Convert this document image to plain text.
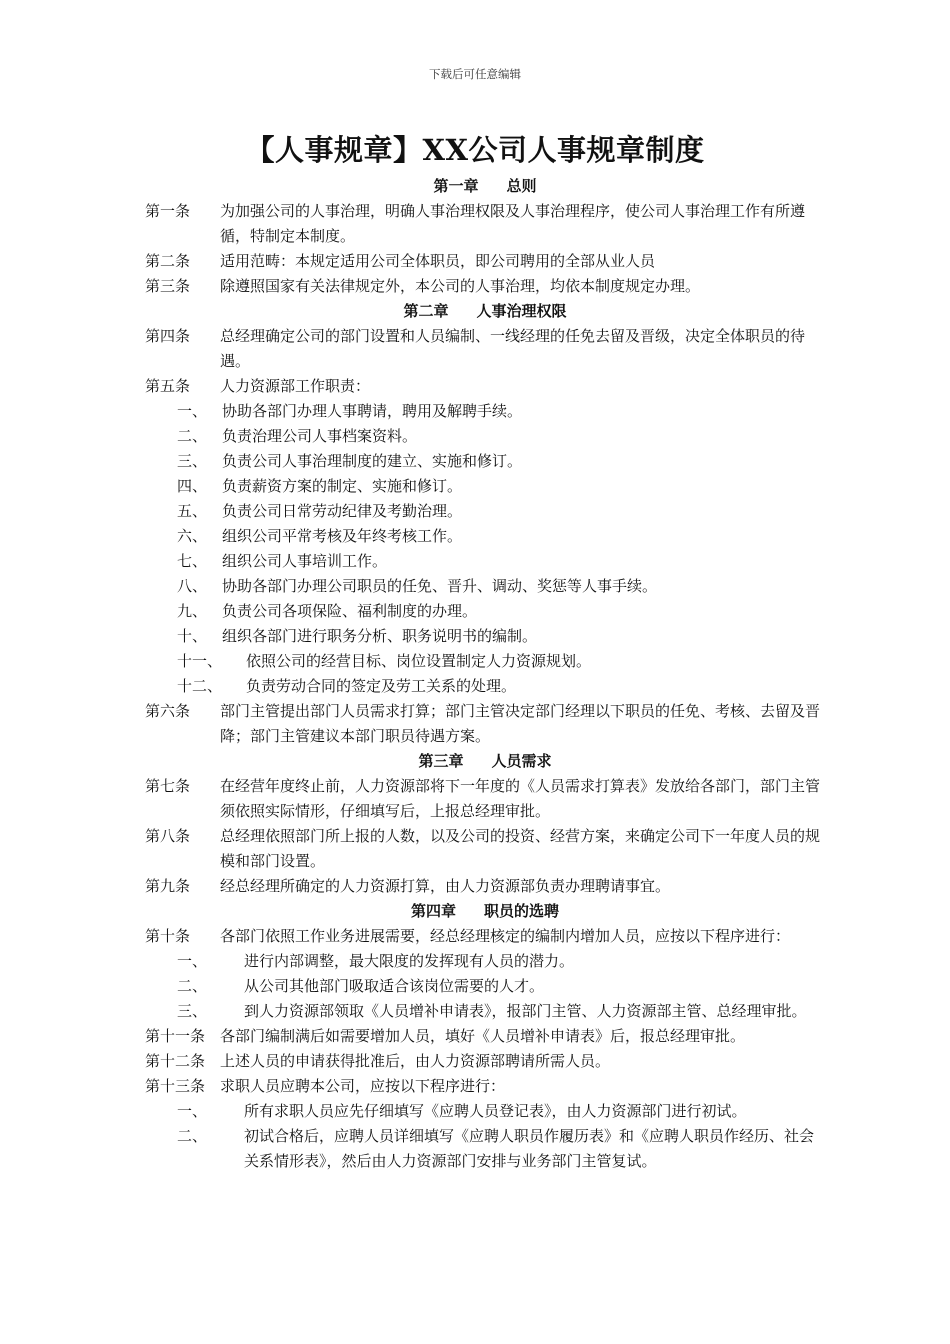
下载后可任意编辑
【人事规章】XX公司人事规章制度
第一章 总则
第一条	为加强公司的人事治理，明确人事治理权限及人事治理程序，使公司人事治理工作有所遵循，特制定本制度。
第二条	适用范畴：本规定适用公司全体职员，即公司聘用的全部从业人员
第三条	除遵照国家有关法律规定外，本公司的人事治理，均依本制度规定办理。
第二章 人事治理权限
第四条	总经理确定公司的部门设置和人员编制、一线经理的任免去留及晋级，决定全体职员的待遇。
第五条	人力资源部工作职责：
一、 协助各部门办理人事聘请，聘用及解聘手续。
二、 负责治理公司人事档案资料。
三、 负责公司人事治理制度的建立、实施和修订。
四、 负责薪资方案的制定、实施和修订。
五、 负责公司日常劳动纪律及考勤治理。
六、 组织公司平常考核及年终考核工作。
七、 组织公司人事培训工作。
八、 协助各部门办理公司职员的任免、晋升、调动、奖惩等人事手续。
九、 负责公司各项保险、福利制度的办理。
十、 组织各部门进行职务分析、职务说明书的编制。
十一、	依照公司的经营目标、岗位设置制定人力资源规划。
十二、	负责劳动合同的签定及劳工关系的处理。
第六条	部门主管提出部门人员需求打算；部门主管决定部门经理以下职员的任免、考核、去留及晋降；部门主管建议本部门职员待遇方案。
第三章 人员需求
第七条	在经营年度终止前，人力资源部将下一年度的《人员需求打算表》发放给各部门，部门主管须依照实际情形，仔细填写后，上报总经理审批。
第八条	总经理依照部门所上报的人数，以及公司的投资、经营方案，来确定公司下一年度人员的规模和部门设置。
第九条	经总经理所确定的人力资源打算，由人力资源部负责办理聘请事宜。
第四章 职员的选聘
第十条	各部门依照工作业务进展需要，经总经理核定的编制内增加人员，应按以下程序进行：
一、	进行内部调整，最大限度的发挥现有人员的潜力。
二、	从公司其他部门吸取适合该岗位需要的人才。
三、	到人力资源部领取《人员增补申请表》，报部门主管、人力资源部主管、总经理审批。
第十一条 各部门编制满后如需要增加人员，填好《人员增补申请表》后，报总经理审批。
第十二条 上述人员的申请获得批准后，由人力资源部聘请所需人员。
第十三条 求职人员应聘本公司，应按以下程序进行：
一、	所有求职人员应先仔细填写《应聘人员登记表》，由人力资源部门进行初试。
二、	初试合格后，应聘人员详细填写《应聘人职员作履历表》和《应聘人职员作经历、社会关系情形表》，然后由人力资源部门安排与业务部门主管复试。
